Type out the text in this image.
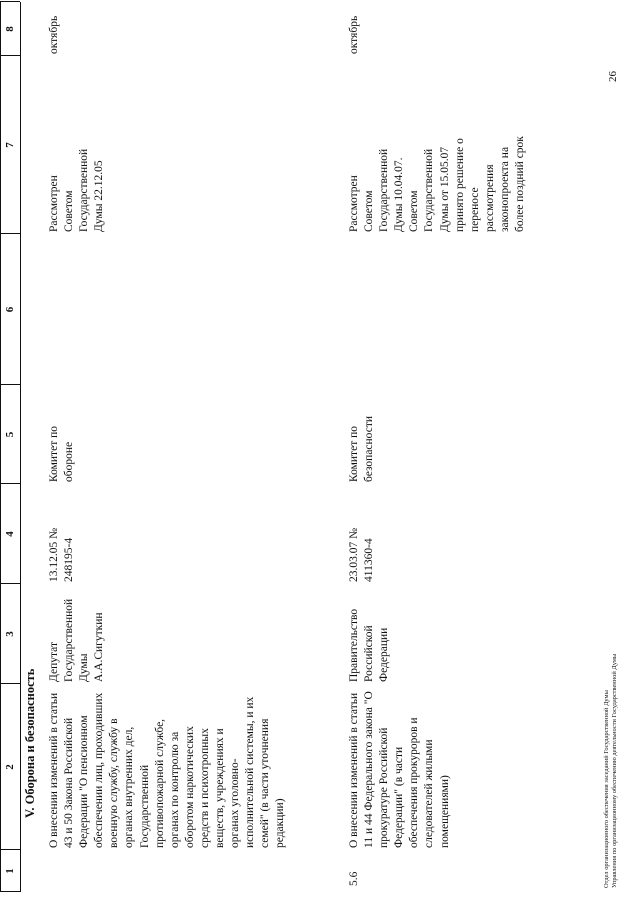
1
2
3
4
5
6
7
8
V. Оборона и безопасность О внесении изменений в статьи 43 и 50 Закона Российской Федерации "О пенсионном обеспечении лиц, проходивших военную службу, службу в органах внутренних дел, Государственной противопожарной службе, органах по контролю за оборотом наркотических средств и психотропных веществ, учреждениях и органах уголовно-исполнительной системы, и их семей" (в части уточнения редакции)
Депутат Государственной Думы А.А.Сигуткин
13.12.05 № 248195-4
Комитет по обороне
Рассмотрен Советом Государственной Думы 22.12.05
октябрь
5.6
О внесении изменений в статьи 11 и 44 Федерального закона "О прокуратуре Российской Федерации" (в части обеспечения прокуроров и следователей жилыми помещениями)
Правительство Российской Федерации
23.03.07 № 411360-4
Комитет по безопасности
Рассмотрен Советом Государственной Думы 10.04.07. Советом Государственной Думы от 15.05.07 принято решение о переносе рассмотрения законопроекта на более поздний срок
октябрь
26
Отдел организационного обеспечения заседаний Государственной Думы Управления по организационному обеспечению деятельности Государственной Думы
